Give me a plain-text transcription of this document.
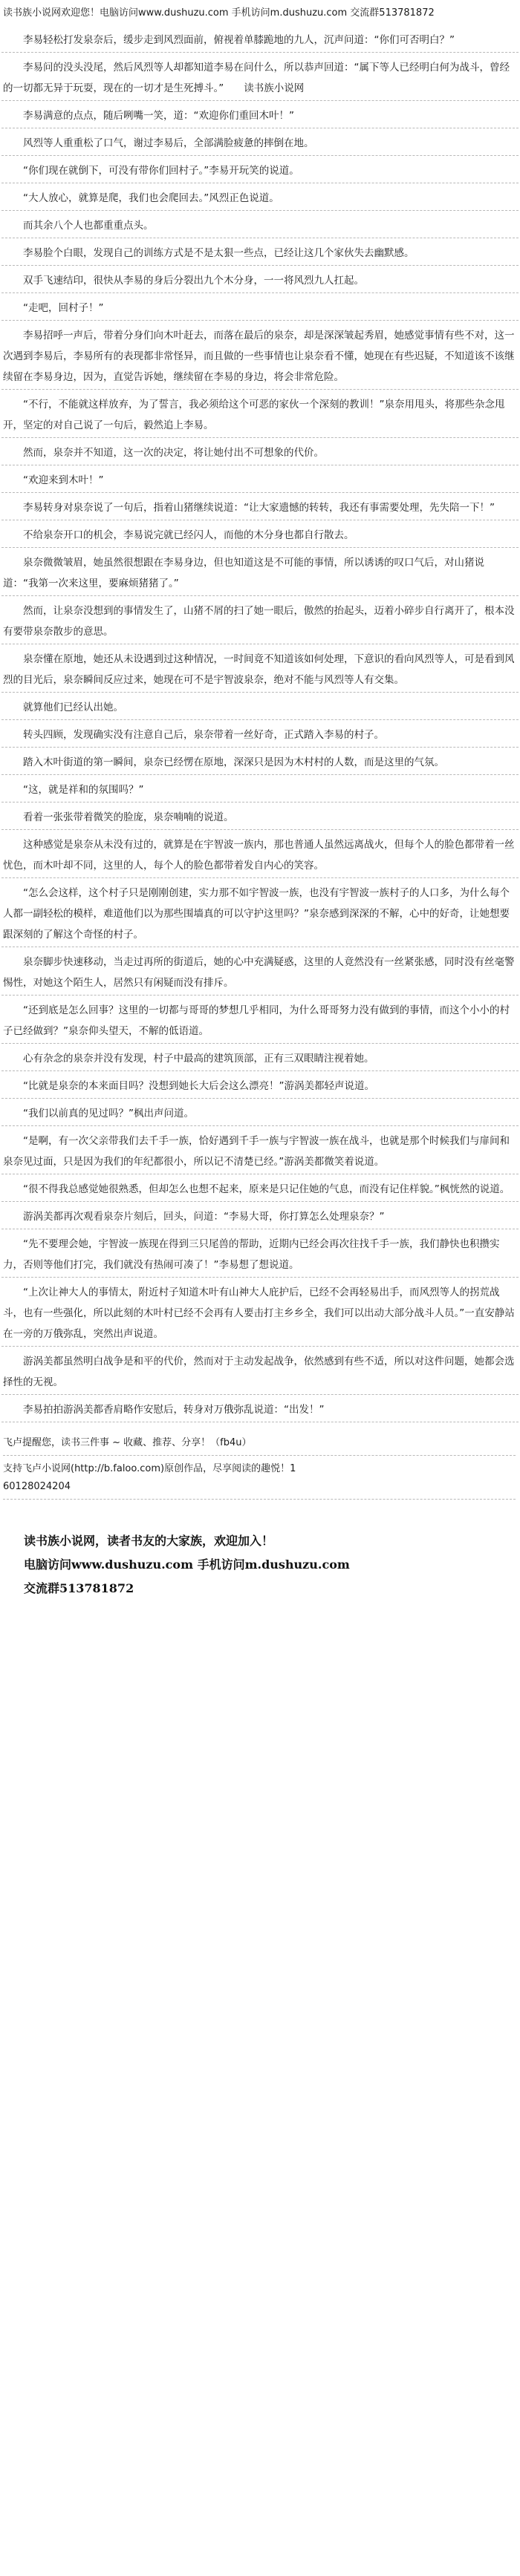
读书族小说网欢迎您！电脑访问www.dushuzu.com 手机访问m.dushuzu.com 交流群513781872

李易轻松打发泉奈后，缓步走到风烈面前，俯视着单膝跪地的九人，沉声问道：“你们可否明白？”

李易问的没头没尾，然后风烈等人却都知道李易在问什么，所以恭声回道：“属下等人已经明白何为战斗，曾经的一切都无异于玩耍，现在的一切才是生死搏斗。”　　读书族小说网

李易满意的点点，随后咧嘴一笑，道：“欢迎你们重回木叶！”

风烈等人重重松了口气，谢过李易后，全部满脸疲惫的摔倒在地。

“你们现在就倒下，可没有带你们回村子。”李易开玩笑的说道。

“大人放心，就算是爬，我们也会爬回去。”风烈正色说道。

而其余八个人也都重重点头。

李易脸个白眼，发现自己的训练方式是不是太狠一些点，已经让这几个家伙失去幽默感。

双手飞速结印，很快从李易的身后分裂出九个木分身，一一将风烈九人扛起。

“走吧，回村子！”

李易招呼一声后，带着分身们向木叶赶去，而落在最后的泉奈，却是深深皱起秀眉，她感觉事情有些不对，这一次遇到李易后，李易所有的表现都非常怪异，而且做的一些事情也让泉奈看不懂，她现在有些迟疑，不知道该不该继续留在李易身边，因为，直觉告诉她，继续留在李易的身边，将会非常危险。

“不行，不能就这样放弃，为了誓言，我必须给这个可恶的家伙一个深刻的教训！”泉奈用甩头，将那些杂念甩开，坚定的对自己说了一句后，毅然追上李易。

然而，泉奈并不知道，这一次的决定，将让她付出不可想象的代价。

“欢迎来到木叶！”

李易转身对泉奈说了一句后，指着山猪继续说道：“让大家遗憾的转转，我还有事需要处理，先失陪一下！”

不给泉奈开口的机会，李易说完就已经闪人，而他的木分身也都自行散去。

泉奈微微皱眉，她虽然很想跟在李易身边，但也知道这是不可能的事情，所以诱诱的叹口气后，对山猪说道：“我第一次来这里，要麻烦猪猪了。”

然而，让泉奈没想到的事情发生了，山猪不屑的扫了她一眼后，傲然的抬起头，迈着小碎步自行离开了，根本没有要带泉奈散步的意思。

泉奈懂在原地，她还从未设遇到过这种情况，一时间竟不知道该如何处理，下意识的看向风烈等人，可是看到风烈的目光后，泉奈瞬间反应过来，她现在可不是宇智波泉奈，绝对不能与风烈等人有交集。

就算他们已经认出她。

转头四顾，发现确实没有注意自己后，泉奈带着一丝好奇，正式踏入李易的村子。

踏入木叶街道的第一瞬间，泉奈已经愣在原地，深深只是因为木村村的人数，而是这里的气氛。

“这，就是祥和的氛围吗？”

看着一张张带着微笑的脸庞，泉奈喃喃的说道。

这种感觉是泉奈从未没有过的，就算是在宇智波一族内，那也普通人虽然远离战火，但每个人的脸色都带着一丝忧色，而木叶却不同，这里的人，每个人的脸色都带着发自内心的笑容。

“怎么会这样，这个村子只是刚刚创建，实力那不如宇智波一族，也没有宇智波一族村子的人口多，为什么每个人都一副轻松的模样，难道他们以为那些围墙真的可以守护这里吗？”泉奈感到深深的不解，心中的好奇，让她想要跟深刻的了解这个奇怪的村子。

泉奈脚步快速移动，当走过再所的街道后，她的心中充满疑惑，这里的人竟然没有一丝紧张感，同时没有丝毫警惕性，对她这个陌生人，居然只有闲疑而没有排斥。

“还到底是怎么回事？这里的一切都与哥哥的梦想几乎相同，为什么哥哥努力没有做到的事情，而这个小小的村子已经做到？”泉奈仰头望天，不解的低语道。

心有杂念的泉奈并没有发现，村子中最高的建筑顶部，正有三双眼睛注视着她。

“比就是泉奈的本来面目吗？没想到她长大后会这么漂亮！”游涡美都轻声说道。

“我们以前真的见过吗？”枫出声问道。

“是啊，有一次父亲带我们去千手一族，恰好遇到千手一族与宇智波一族在战斗，也就是那个时候我们与扉间和泉奈见过面，只是因为我们的年纪都很小，所以记不清楚已经。”游涡美都微笑着说道。

“很不得我总感觉她很熟悉，但却怎么也想不起来，原来是只记住她的气息，而没有记住样貌。”枫恍然的说道。

游涡美都再次观看泉奈片刻后，回头，问道：“李易大哥，你打算怎么处理泉奈？”

“先不要理会她，宇智波一族现在得到三只尾兽的帮助，近期内已经会再次往找千手一族，我们静快也积攒实力，否则等他们打完，我们就没有热闹可凑了！”李易想了想说道。

“上次让神大人的事情太，附近村子知道木叶有山神大人庇护后，已经不会再轻易出手，而风烈等人的拐荒战斗，也有一些强化，所以此刻的木叶村已经不会再有人要击打主乡乡全，我们可以出动大部分战斗人员。”一直安静站在一旁的万俄弥乱，突然出声说道。

游涡美都虽然明白战争是和平的代价，然而对于主动发起战争，依然感到有些不适，所以对这件问题，她都会选择性的无视。

李易拍拍游涡美都香肩略作安慰后，转身对万俄弥乱说道：“出发！”

飞卢提醒您，读书三件事 ~ 收藏、推荐、分享！（fb4u）
支持飞卢小说网(http://b.faloo.com)原创作品，尽享阅读的趣悦！1
60128024204
读书族小说网，读者书友的大家族，欢迎加入！
电脑访问www.dushuzu.com 手机访问m.dushuzu.com
交流群513781872
